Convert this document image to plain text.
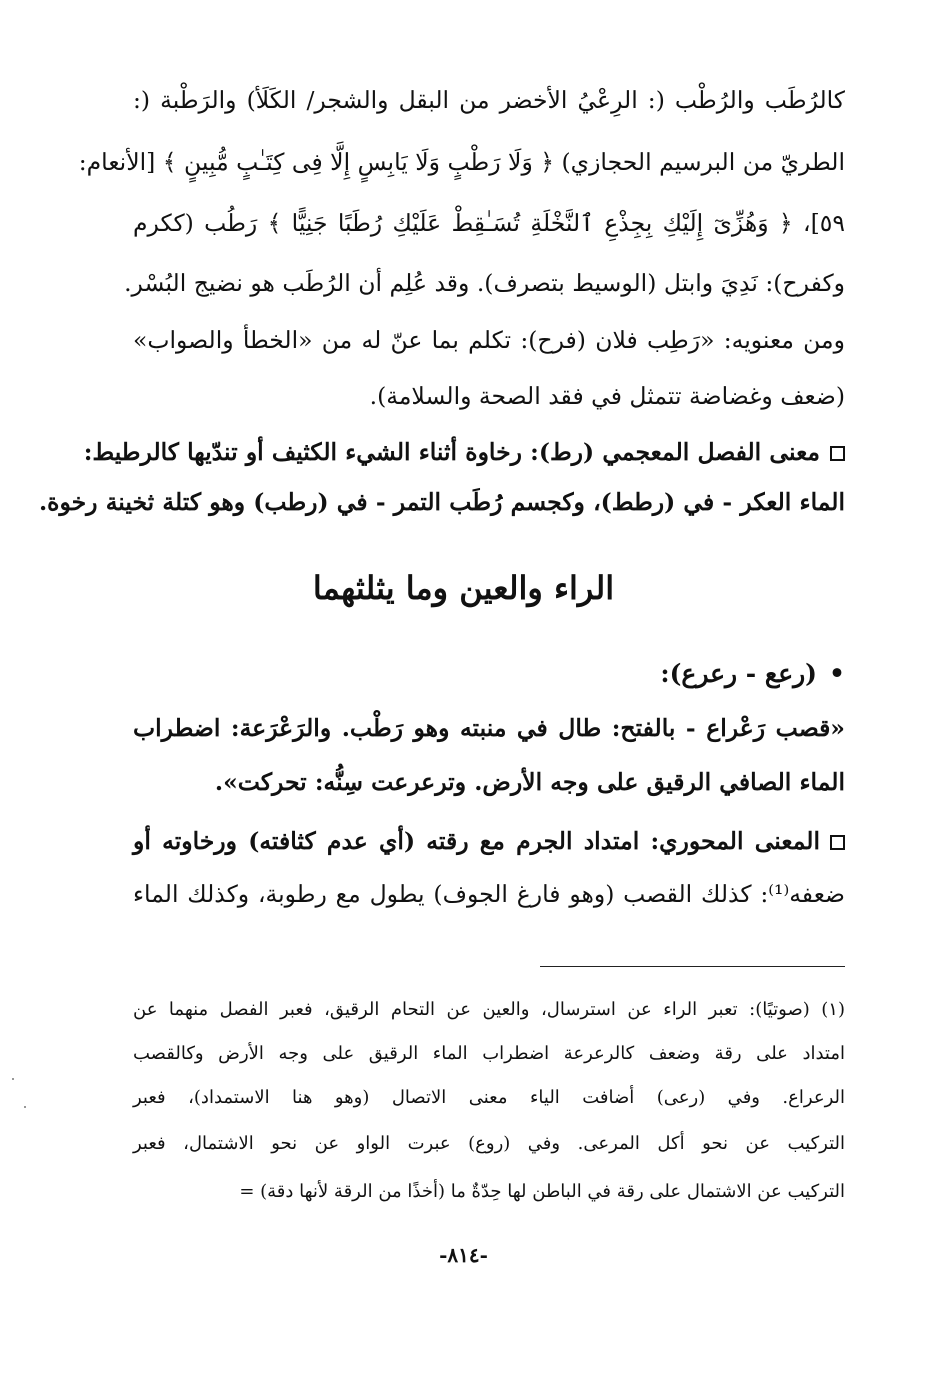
كالرُطَب والرُطْب (: الرِعْيُ الأخضر من البقل والشجر/ الكَلَأ) والرَطْبة (:
الطريّ من البرسيم الحجازي) ﴿ وَلَا رَطْبٍ وَلَا يَابِسٍ إِلَّا فِى كِتَـٰبٍ مُّبِينٍ ﴾ [الأنعام:
٥٩]، ﴿ وَهُزِّىٓ إِلَيْكِ بِجِذْعِ ٱلنَّخْلَةِ تُسَـٰقِطْ عَلَيْكِ رُطَبًا جَنِيًّا ﴾ رَطُب (ككرم
وكفرح): نَدِيَ وابتل (الوسيط بتصرف). وقد عُلِم أن الرُطَب هو نضيج البُسْر.
ومن معنويه: «رَطِب فلان (فرح): تكلم بما عنّ له من «الخطأ والصواب»
(ضعف وغضاضة تتمثل في فقد الصحة والسلامة).
معنى الفصل المعجمي (رط): رخاوة أثناء الشيء الكثيف أو تندّيها كالرطيط:
الماء العكر - في (رطط)، وكجسم رُطَب التمر - في (رطب) وهو كتلة ثخينة رخوة.
الراء والعين وما يثلثهما
•(رعع - رعرع):
«قصب رَعْراع - بالفتح: طال في منبته وهو رَطْب. والرَعْرَعة: اضطراب
الماء الصافي الرقيق على وجه الأرض. وترعرعت سِنُّه: تحركت».
المعنى المحوري: امتداد الجرم مع رقته (أي عدم كثافته) ورخاوته أو
ضعفه⁽¹⁾: كذلك القصب (وهو فارغ الجوف) يطول مع رطوبة، وكذلك الماء
(١) (صوتيًا): تعبر الراء عن استرسال، والعين عن التحام الرقيق، فعبر الفصل منهما عن
امتداد على رقة وضعف كالرعرعة اضطراب الماء الرقيق على وجه الأرض وكالقصب
الرعراع. وفي (رعى) أضافت الياء معنى الاتصال (وهو هنا الاستمداد)، فعبر
التركيب عن نحو أكل المرعى. وفي (روع) عبرت الواو عن نحو الاشتمال، فعبر
التركيب عن الاشتمال على رقة في الباطن لها حِدّةٌ ما (أخذًا من الرقة لأنها دقة) =
-٨١٤-
